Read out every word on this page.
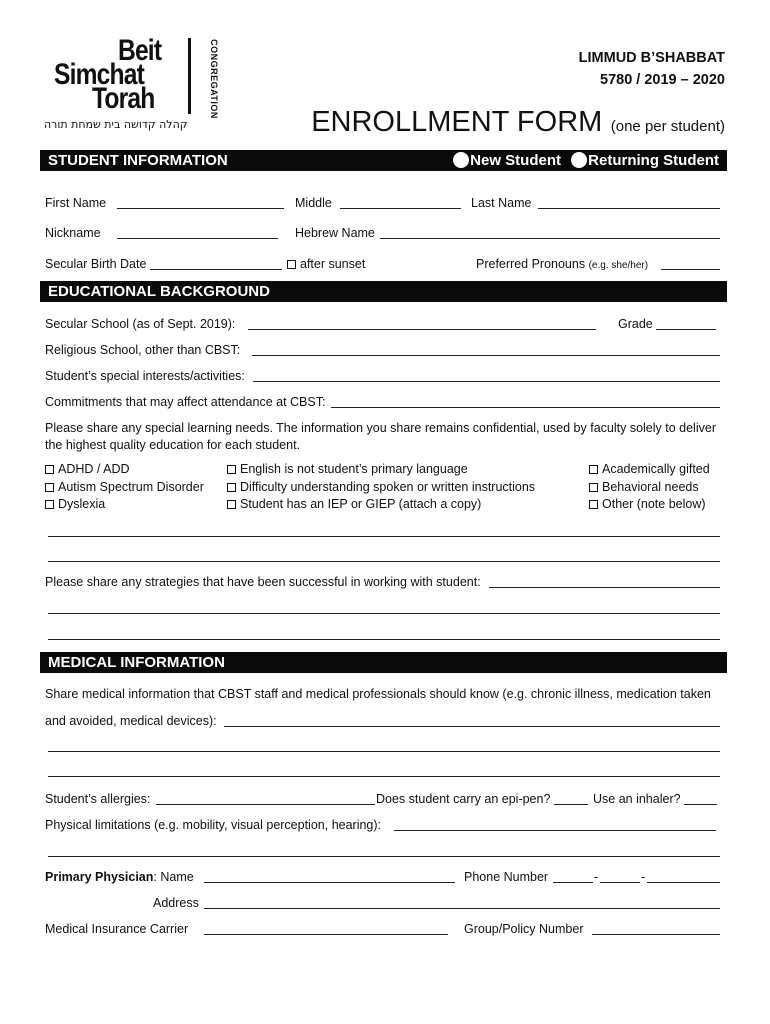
Beit
Simchat
Torah	CONGREGATION
קהלה קדושה בית שמחת תורה
LIMMUD B’SHABBAT
5780 / 2019 – 2020
ENROLLMENT FORM (one per student)
STUDENT INFORMATION	New Student Returning Student
First Name	Middle	Last Name
Nickname	Hebrew Name
Secular Birth Date	after sunset	Preferred Pronouns (e.g. she/her)
EDUCATIONAL BACKGROUND
Secular School (as of Sept. 2019):	Grade
Religious School, other than CBST:
Student’s special interests/activities:
Commitments that may affect attendance at CBST:
Please share any special learning needs. The information you share remains confidential, used by faculty solely to deliver the highest quality education for each student.
ADHD / ADD
Autism Spectrum Disorder
Dyslexia
English is not student’s primary language
Difficulty understanding spoken or written instructions
Student has an IEP or GIEP (attach a copy)
Academically gifted
Behavioral needs
Other (note below)
Please share any strategies that have been successful in working with student:
MEDICAL INFORMATION
Share medical information that CBST staff and medical professionals should know (e.g. chronic illness, medication taken
and avoided, medical devices):
Student’s allergies:	Does student carry an epi-pen?	Use an inhaler?
Physical limitations (e.g. mobility, visual perception, hearing):
Primary Physician: Name	Phone Number	-	-
Address
Medical Insurance Carrier	Group/Policy Number
